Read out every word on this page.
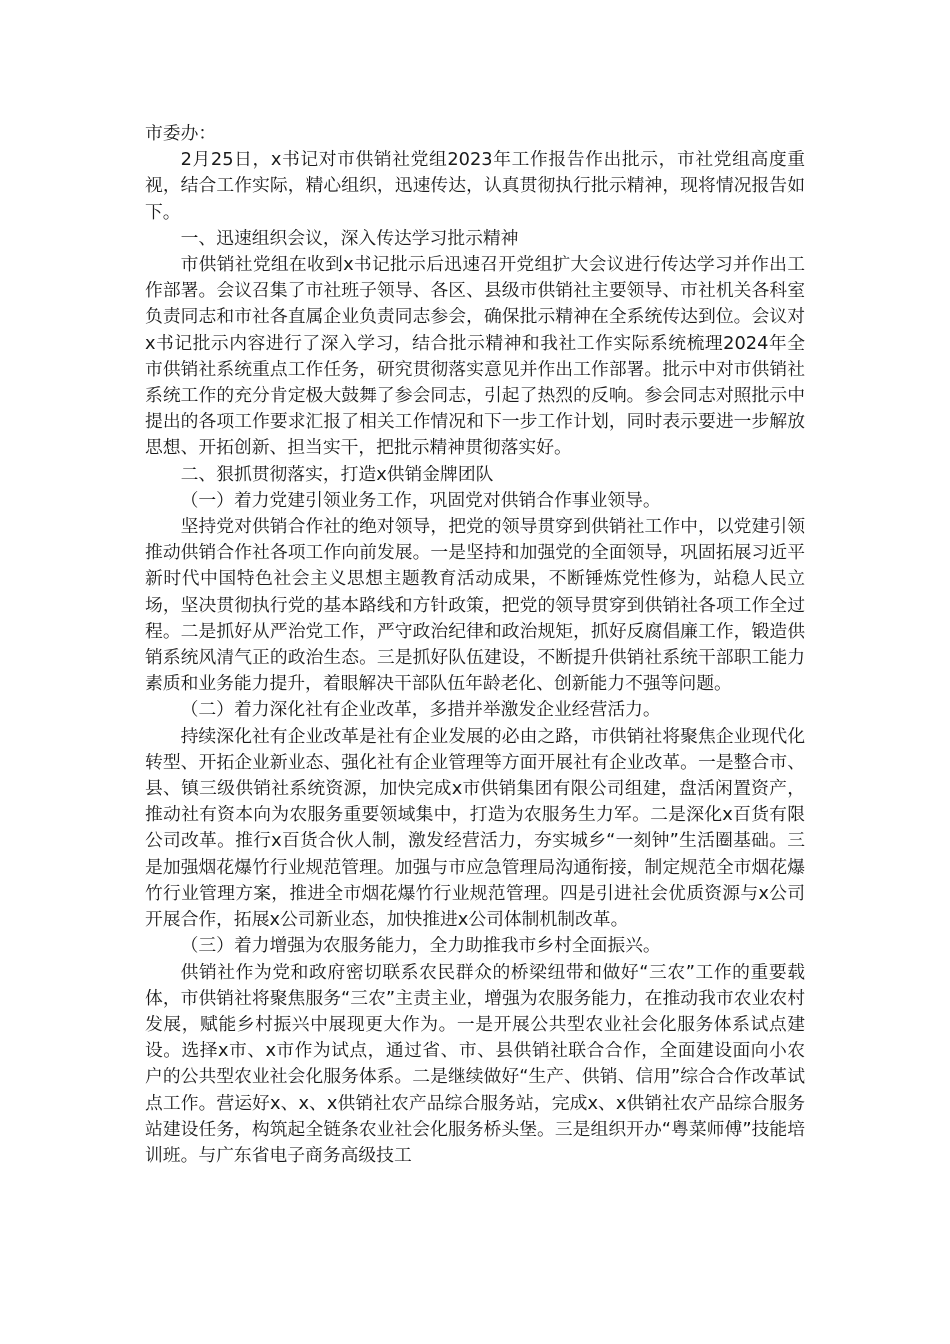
市委办：

2月25日，x书记对市供销社党组2023年工作报告作出批示，市社党组高度重视，结合工作实际，精心组织，迅速传达，认真贯彻执行批示精神，现将情况报告如下。

一、迅速组织会议，深入传达学习批示精神

市供销社党组在收到x书记批示后迅速召开党组扩大会议进行传达学习并作出工作部署。会议召集了市社班子领导、各区、县级市供销社主要领导、市社机关各科室负责同志和市社各直属企业负责同志参会，确保批示精神在全系统传达到位。会议对x书记批示内容进行了深入学习，结合批示精神和我社工作实际系统梳理2024年全市供销社系统重点工作任务，研究贯彻落实意见并作出工作部署。批示中对市供销社系统工作的充分肯定极大鼓舞了参会同志，引起了热烈的反响。参会同志对照批示中提出的各项工作要求汇报了相关工作情况和下一步工作计划，同时表示要进一步解放思想、开拓创新、担当实干，把批示精神贯彻落实好。

二、狠抓贯彻落实，打造x供销金牌团队

（一）着力党建引领业务工作，巩固党对供销合作事业领导。

坚持党对供销合作社的绝对领导，把党的领导贯穿到供销社工作中，以党建引领推动供销合作社各项工作向前发展。一是坚持和加强党的全面领导，巩固拓展习近平新时代中国特色社会主义思想主题教育活动成果，不断锤炼党性修为，站稳人民立场，坚决贯彻执行党的基本路线和方针政策，把党的领导贯穿到供销社各项工作全过程。二是抓好从严治党工作，严守政治纪律和政治规矩，抓好反腐倡廉工作，锻造供销系统风清气正的政治生态。三是抓好队伍建设，不断提升供销社系统干部职工能力素质和业务能力提升，着眼解决干部队伍年龄老化、创新能力不强等问题。

（二）着力深化社有企业改革，多措并举激发企业经营活力。

持续深化社有企业改革是社有企业发展的必由之路，市供销社将聚焦企业现代化转型、开拓企业新业态、强化社有企业管理等方面开展社有企业改革。一是整合市、县、镇三级供销社系统资源，加快完成x市供销集团有限公司组建，盘活闲置资产，推动社有资本向为农服务重要领域集中，打造为农服务生力军。二是深化x百货有限公司改革。推行x百货合伙人制，激发经营活力，夯实城乡“一刻钟”生活圈基础。三是加强烟花爆竹行业规范管理。加强与市应急管理局沟通衔接，制定规范全市烟花爆竹行业管理方案，推进全市烟花爆竹行业规范管理。四是引进社会优质资源与x公司开展合作，拓展x公司新业态，加快推进x公司体制机制改革。

（三）着力增强为农服务能力，全力助推我市乡村全面振兴。

供销社作为党和政府密切联系农民群众的桥梁纽带和做好“三农”工作的重要载体，市供销社将聚焦服务“三农”主责主业，增强为农服务能力，在推动我市农业农村发展，赋能乡村振兴中展现更大作为。一是开展公共型农业社会化服务体系试点建设。选择x市、x市作为试点，通过省、市、县供销社联合合作，全面建设面向小农户的公共型农业社会化服务体系。二是继续做好“生产、供销、信用”综合合作改革试点工作。营运好x、x、x供销社农产品综合服务站，完成x、x供销社农产品综合服务站建设任务，构筑起全链条农业社会化服务桥头堡。三是组织开办“粤菜师傅”技能培训班。与广东省电子商务高级技工
